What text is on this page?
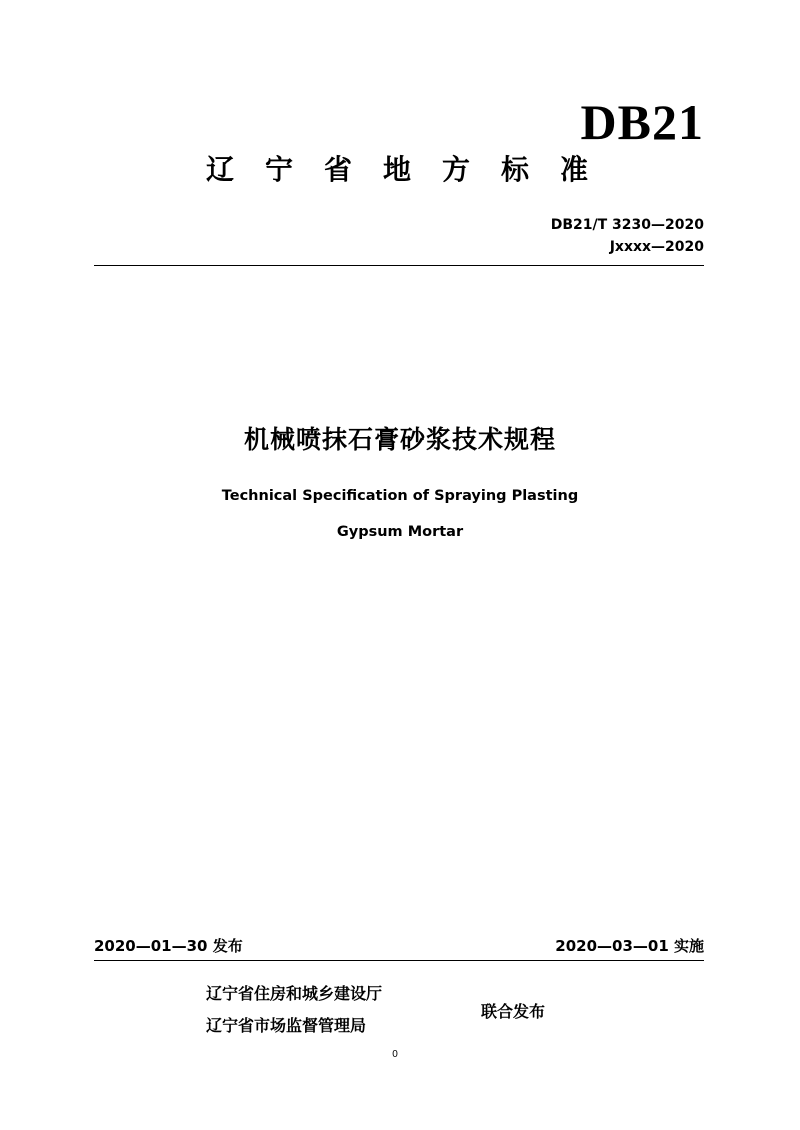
DB21
辽宁省地方标准
DB21/T 3230—2020
Jxxxx—2020
机械喷抹石膏砂浆技术规程
Technical Specification of Spraying Plasting
Gypsum Mortar
2020—01—30 发布	2020—03—01 实施
辽宁省住房和城乡建设厅
辽宁省市场监督管理局
联合发布
0
